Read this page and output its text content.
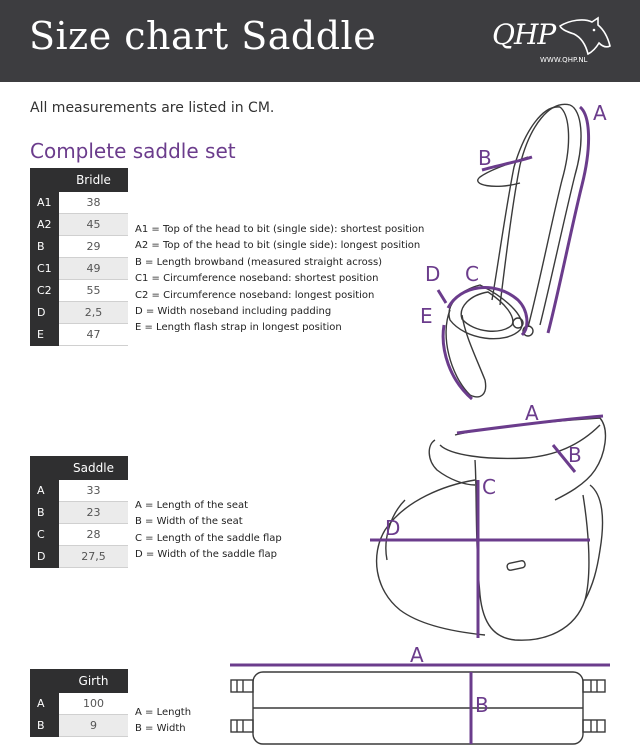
Size chart Saddle	QHP
WWW.QHP.NL
All measurements are listed in CM.
Complete saddle set
	Bridle
A1	38
A2	45
B	29
C1	49
C2	55
D	2,5
E	47
A1 = Top of the head to bit (single side): shortest position
A2 = Top of the head to bit (single side): longest position
B = Length browband (measured straight across)
C1 = Circumference noseband: shortest position
C2 = Circumference noseband: longest position
D = Width noseband including padding
E = Length flash strap in longest position
A
B
C
D
E
	Saddle
A	33
B	23
C	28
D	27,5
A = Length of the seat
B = Width of the seat
C = Length of the saddle flap
D = Width of the saddle flap
A
B
C
D
	Girth
A	100
B	9
A = Length
B = Width
A
B
